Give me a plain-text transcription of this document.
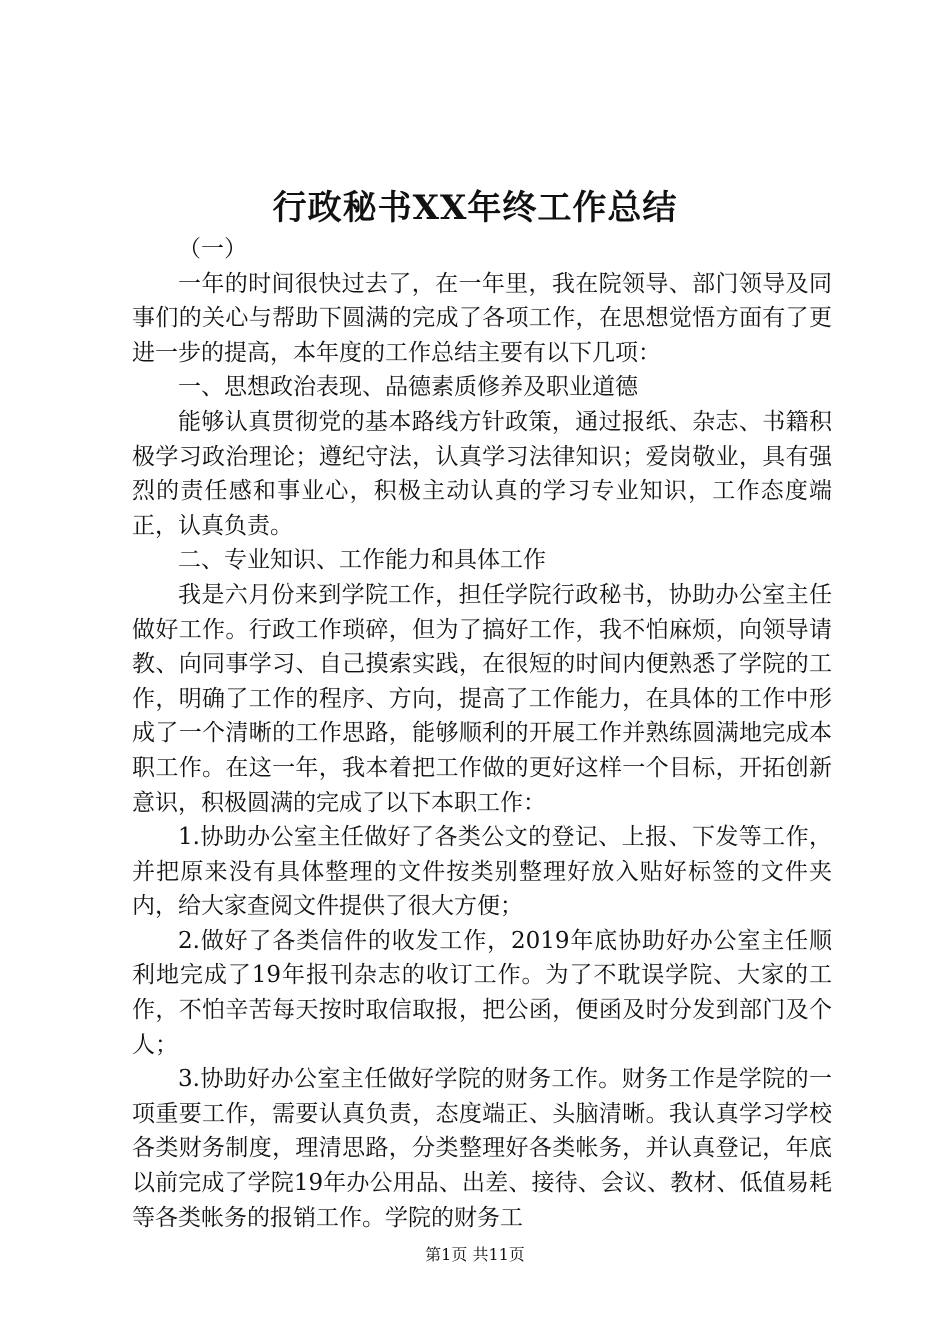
行政秘书XX年终工作总结

（一）

一年的时间很快过去了，在一年里，我在院领导、部门领导及同事们的关心与帮助下圆满的完成了各项工作，在思想觉悟方面有了更进一步的提高，本年度的工作总结主要有以下几项：

一、思想政治表现、品德素质修养及职业道德

能够认真贯彻党的基本路线方针政策，通过报纸、杂志、书籍积极学习政治理论；遵纪守法，认真学习法律知识；爱岗敬业，具有强烈的责任感和事业心，积极主动认真的学习专业知识，工作态度端正，认真负责。

二、专业知识、工作能力和具体工作

我是六月份来到学院工作，担任学院行政秘书，协助办公室主任做好工作。行政工作琐碎，但为了搞好工作，我不怕麻烦，向领导请教、向同事学习、自己摸索实践，在很短的时间内便熟悉了学院的工作，明确了工作的程序、方向，提高了工作能力，在具体的工作中形成了一个清晰的工作思路，能够顺利的开展工作并熟练圆满地完成本职工作。在这一年，我本着把工作做的更好这样一个目标，开拓创新意识，积极圆满的完成了以下本职工作：

1.协助办公室主任做好了各类公文的登记、上报、下发等工作，并把原来没有具体整理的文件按类别整理好放入贴好标签的文件夹内，给大家查阅文件提供了很大方便；

2.做好了各类信件的收发工作，2019年底协助好办公室主任顺利地完成了19年报刊杂志的收订工作。为了不耽误学院、大家的工作，不怕辛苦每天按时取信取报，把公函，便函及时分发到部门及个人；

3.协助好办公室主任做好学院的财务工作。财务工作是学院的一项重要工作，需要认真负责，态度端正、头脑清晰。我认真学习学校各类财务制度，理清思路，分类整理好各类帐务，并认真登记，年底以前完成了学院19年办公用品、出差、接待、会议、教材、低值易耗等各类帐务的报销工作。学院的财务工

第1页 共11页
